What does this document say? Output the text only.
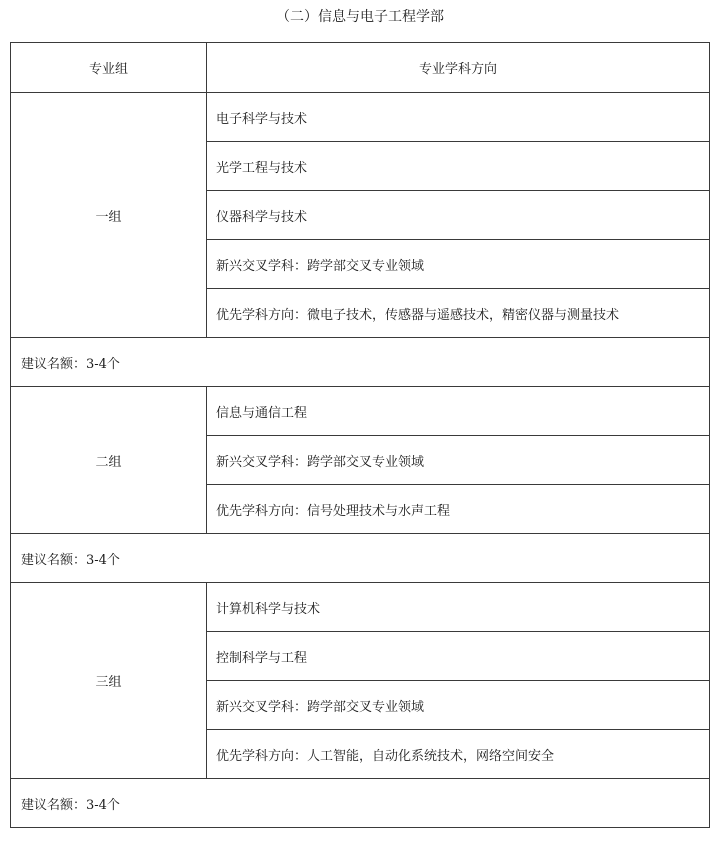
（二）信息与电子工程学部
专业组	专业学科方向
一组	电子科学与技术
	光学工程与技术
	仪器科学与技术
	新兴交叉学科：跨学部交叉专业领域
	优先学科方向：微电子技术，传感器与遥感技术，精密仪器与测量技术
建议名额：3-4个	
二组	信息与通信工程
	新兴交叉学科：跨学部交叉专业领域
	优先学科方向：信号处理技术与水声工程
建议名额：3-4个	
三组	计算机科学与技术
	控制科学与工程
	新兴交叉学科：跨学部交叉专业领域
	优先学科方向：人工智能，自动化系统技术，网络空间安全
建议名额：3-4个	
